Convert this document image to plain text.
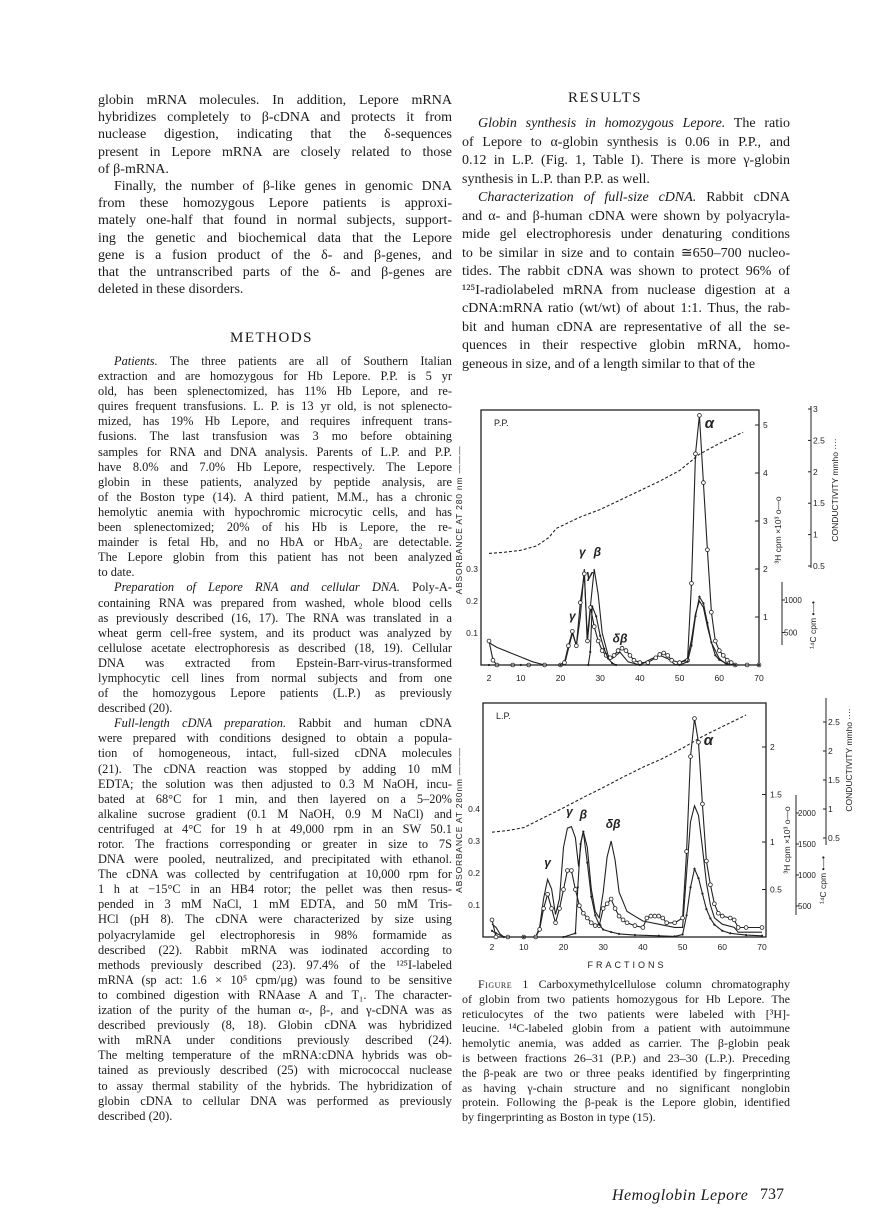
globin mRNA molecules. In addition, Lepore mRNA
hybridizes completely to β-cDNA and protects it from
nuclease digestion, indicating that the δ-sequences
present in Lepore mRNA are closely related to those
of β-mRNA.
Finally, the number of β-like genes in genomic DNA
from these homozygous Lepore patients is approxi-
mately one-half that found in normal subjects, support-
ing the genetic and biochemical data that the Lepore
gene is a fusion product of the δ- and β-genes, and
that the untranscribed parts of the δ- and β-genes are
deleted in these disorders.
METHODS
Patients. The three patients are all of Southern Italian
extraction and are homozygous for Hb Lepore. P.P. is 5 yr
old, has been splenectomized, has 11% Hb Lepore, and re-
quires frequent transfusions. L. P. is 13 yr old, is not splenecto-
mized, has 19% Hb Lepore, and requires infrequent trans-
fusions. The last transfusion was 3 mo before obtaining
samples for RNA and DNA analysis. Parents of L.P. and P.P.
have 8.0% and 7.0% Hb Lepore, respectively. The Lepore
globin in these patients, analyzed by peptide analysis, are
of the Boston type (14). A third patient, M.M., has a chronic
hemolytic anemia with hypochromic microcytic cells, and has
been splenectomized; 20% of his Hb is Lepore, the re-
mainder is fetal Hb, and no HbA or HbA₂ are detectable.
The Lepore globin from this patient has not been analyzed
to date.
Preparation of Lepore RNA and cellular DNA. Poly-A-
containing RNA was prepared from washed, whole blood cells
as previously described (16, 17). The RNA was translated in a
wheat germ cell-free system, and its product was analyzed by
cellulose acetate electrophoresis as described (18, 19). Cellular
DNA was extracted from Epstein-Barr-virus-transformed
lymphocytic cell lines from normal subjects and from one
of the homozygous Lepore patients (L.P.) as previously
described (20).
Full-length cDNA preparation. Rabbit and human cDNA
were prepared with conditions designed to obtain a popula-
tion of homogeneous, intact, full-sized cDNA molecules
(21). The cDNA reaction was stopped by adding 10 mM
EDTA; the solution was then adjusted to 0.3 M NaOH, incu-
bated at 68°C for 1 min, and then layered on a 5–20%
alkaline sucrose gradient (0.1 M NaOH, 0.9 M NaCl) and
centrifuged at 4°C for 19 h at 49,000 rpm in an SW 50.1
rotor. The fractions corresponding or greater in size to 7S
DNA were pooled, neutralized, and precipitated with ethanol.
The cDNA was collected by centrifugation at 10,000 rpm for
1 h at −15°C in an HB4 rotor; the pellet was then resus-
pended in 3 mM NaCl, 1 mM EDTA, and 50 mM Tris-
HCl (pH 8). The cDNA were characterized by size using
polyacrylamide gel electrophoresis in 98% formamide as
described (22). Rabbit mRNA was iodinated according to
methods previously described (23). 97.4% of the ¹²⁵I-labeled
mRNA (sp act: 1.6 × 10⁵ cpm/μg) was found to be sensitive
to combined digestion with RNAase A and T₁. The character-
ization of the purity of the human α-, β-, and γ-cDNA was as
described previously (8, 18). Globin cDNA was hybridized
with mRNA under conditions previously described (24).
The melting temperature of the mRNA:cDNA hybrids was ob-
tained as previously described (25) with micrococcal nuclease
to assay thermal stability of the hybrids. The hybridization of
globin cDNA to cellular DNA was performed as previously
described (20).
RESULTS
Globin synthesis in homozygous Lepore. The ratio
of Lepore to α-globin synthesis is 0.06 in P.P., and
0.12 in L.P. (Fig. 1, Table I). There is more γ-globin
synthesis in L.P. than P.P. as well.
Characterization of full-size cDNA. Rabbit cDNA
and α- and β-human cDNA were shown by polyacryla-
mide gel electrophoresis under denaturing conditions
to be similar in size and to contain ≅650–700 nucleo-
tides. The rabbit cDNA was shown to protect 96% of
¹²⁵I-radiolabeled mRNA from nuclease digestion at a
cDNA:mRNA ratio (wt/wt) of about 1:1. Thus, the rab-
bit and human cDNA are representative of all the se-
quences in their respective globin mRNA, homo-
geneous in size, and of a length similar to that of the
P.P.
2	10	20	30	40	50	60	70
0.1
0.2
0.3
ABSORBANCE AT 280 nm ———
1
2
3
4
5
³H cpm ×10³ o—o
0.5
1
1.5
2
2.5
3
CONDUCTIVITY mmho ····
500
1000
¹⁴C cpm •—•
γ
γ
γ
β
δβ
α
L.P.
2	10	20	30	40	50	60	70
FRACTIONS
0.1
0.2
0.3
0.4
ABSORBANCE AT 280nm ———	0.5
1
1.5
2
³H cpm ×10³ o—o	0.5
1
1.5
2
2.5 CONDUCTIVITY mmho ····
500
1000
1500
2000
¹⁴C cpm •—•
γ
γ β
δβ
α
Figure 1 Carboxymethylcellulose column chromatography
of globin from two patients homozygous for Hb Lepore. The
reticulocytes of the two patients were labeled with [³H]-
leucine. ¹⁴C-labeled globin from a patient with autoimmune
hemolytic anemia, was added as carrier. The β-globin peak
is between fractions 26–31 (P.P.) and 23–30 (L.P.). Preceding
the β-peak are two or three peaks identified by fingerprinting
as having γ-chain structure and no significant nonglobin
protein. Following the β-peak is the Lepore globin, identified
by fingerprinting as Boston in type (15).
Hemoglobin Lepore 737
